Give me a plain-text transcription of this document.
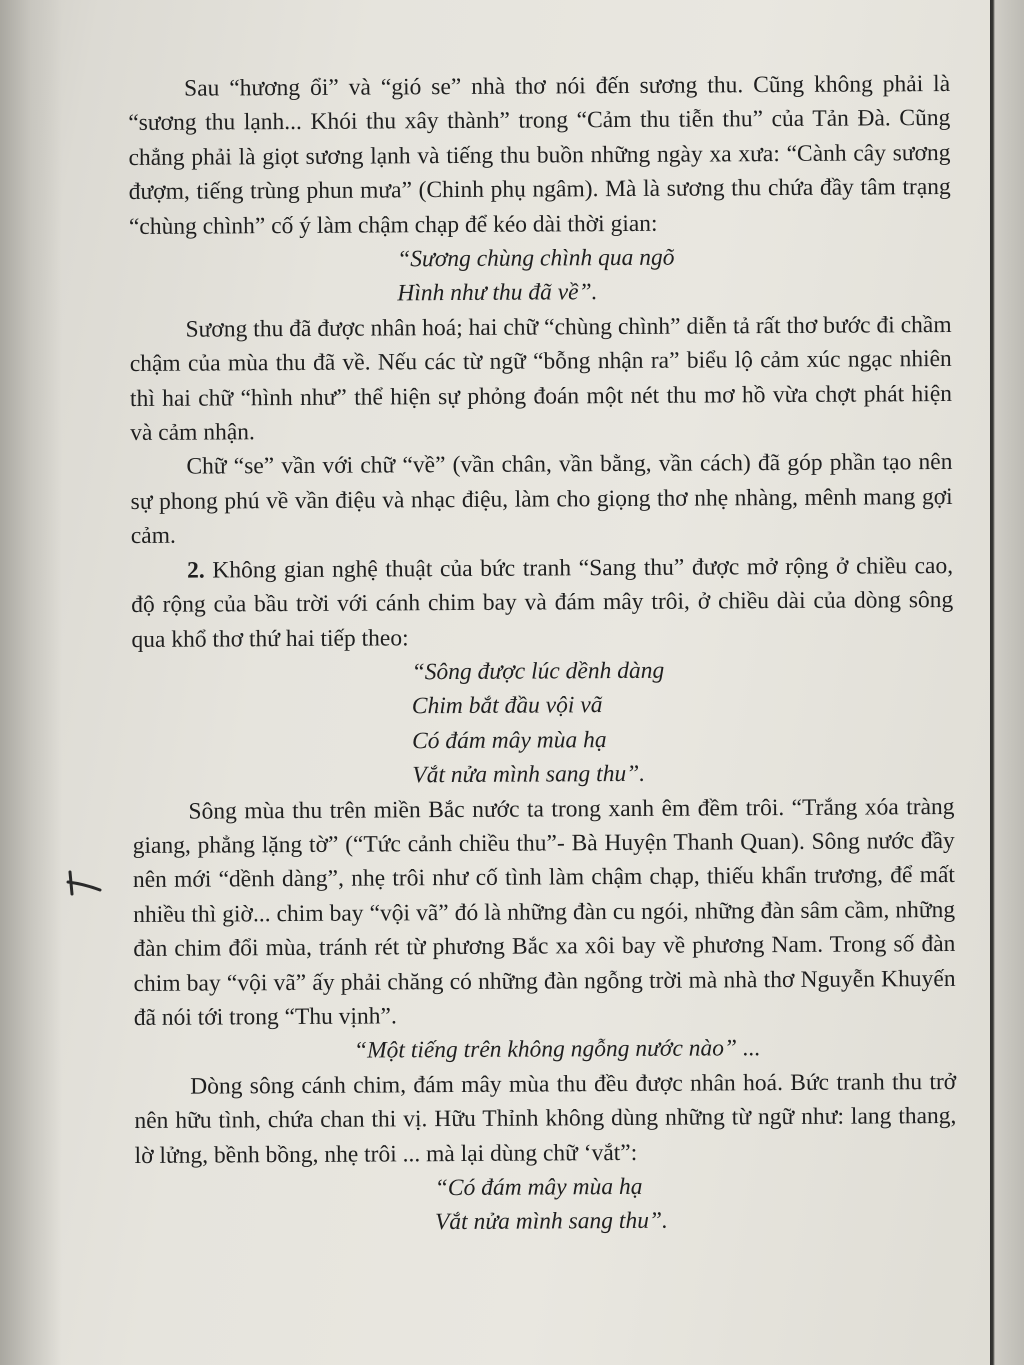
Sau “hương ổi” và “gió se” nhà thơ nói đến sương thu. Cũng không phải là “sương thu lạnh... Khói thu xây thành” trong “Cảm thu tiễn thu” của Tản Đà. Cũng chẳng phải là giọt sương lạnh và tiếng thu buồn những ngày xa xưa: “Cành cây sương đượm, tiếng trùng phun mưa” (Chinh phụ ngâm). Mà là sương thu chứa đầy tâm trạng “chùng chình” cố ý làm chậm chạp để kéo dài thời gian:

“Sương chùng chình qua ngõ

Hình như thu đã về”.

Sương thu đã được nhân hoá; hai chữ “chùng chình” diễn tả rất thơ bước đi chầm chậm của mùa thu đã về. Nếu các từ ngữ “bỗng nhận ra” biểu lộ cảm xúc ngạc nhiên thì hai chữ “hình như” thể hiện sự phỏng đoán một nét thu mơ hồ vừa chợt phát hiện và cảm nhận.

Chữ “se” vần với chữ “về” (vần chân, vần bằng, vần cách) đã góp phần tạo nên sự phong phú về vần điệu và nhạc điệu, làm cho giọng thơ nhẹ nhàng, mênh mang gợi cảm.

2. Không gian nghệ thuật của bức tranh “Sang thu” được mở rộng ở chiều cao, độ rộng của bầu trời với cánh chim bay và đám mây trôi, ở chiều dài của dòng sông qua khổ thơ thứ hai tiếp theo:

“Sông được lúc dềnh dàng

Chim bắt đầu vội vã

Có đám mây mùa hạ

Vắt nửa mình sang thu”.

Sông mùa thu trên miền Bắc nước ta trong xanh êm đềm trôi. “Trắng xóa tràng giang, phẳng lặng tờ” (“Tức cảnh chiều thu”- Bà Huyện Thanh Quan). Sông nước đầy nên mới “dềnh dàng”, nhẹ trôi như cố tình làm chậm chạp, thiếu khẩn trương, để mất nhiều thì giờ... chim bay “vội vã” đó là những đàn cu ngói, những đàn sâm cầm, những đàn chim đổi mùa, tránh rét từ phương Bắc xa xôi bay về phương Nam. Trong số đàn chim bay “vội vã” ấy phải chăng có những đàn ngỗng trời mà nhà thơ Nguyễn Khuyến đã nói tới trong “Thu vịnh”.

“Một tiếng trên không ngỗng nước nào” ...

Dòng sông cánh chim, đám mây mùa thu đều được nhân hoá. Bức tranh thu trở nên hữu tình, chứa chan thi vị. Hữu Thỉnh không dùng những từ ngữ như: lang thang, lờ lửng, bềnh bồng, nhẹ trôi ... mà lại dùng chữ ‘vắt”:

“Có đám mây mùa hạ

Vắt nửa mình sang thu”.
